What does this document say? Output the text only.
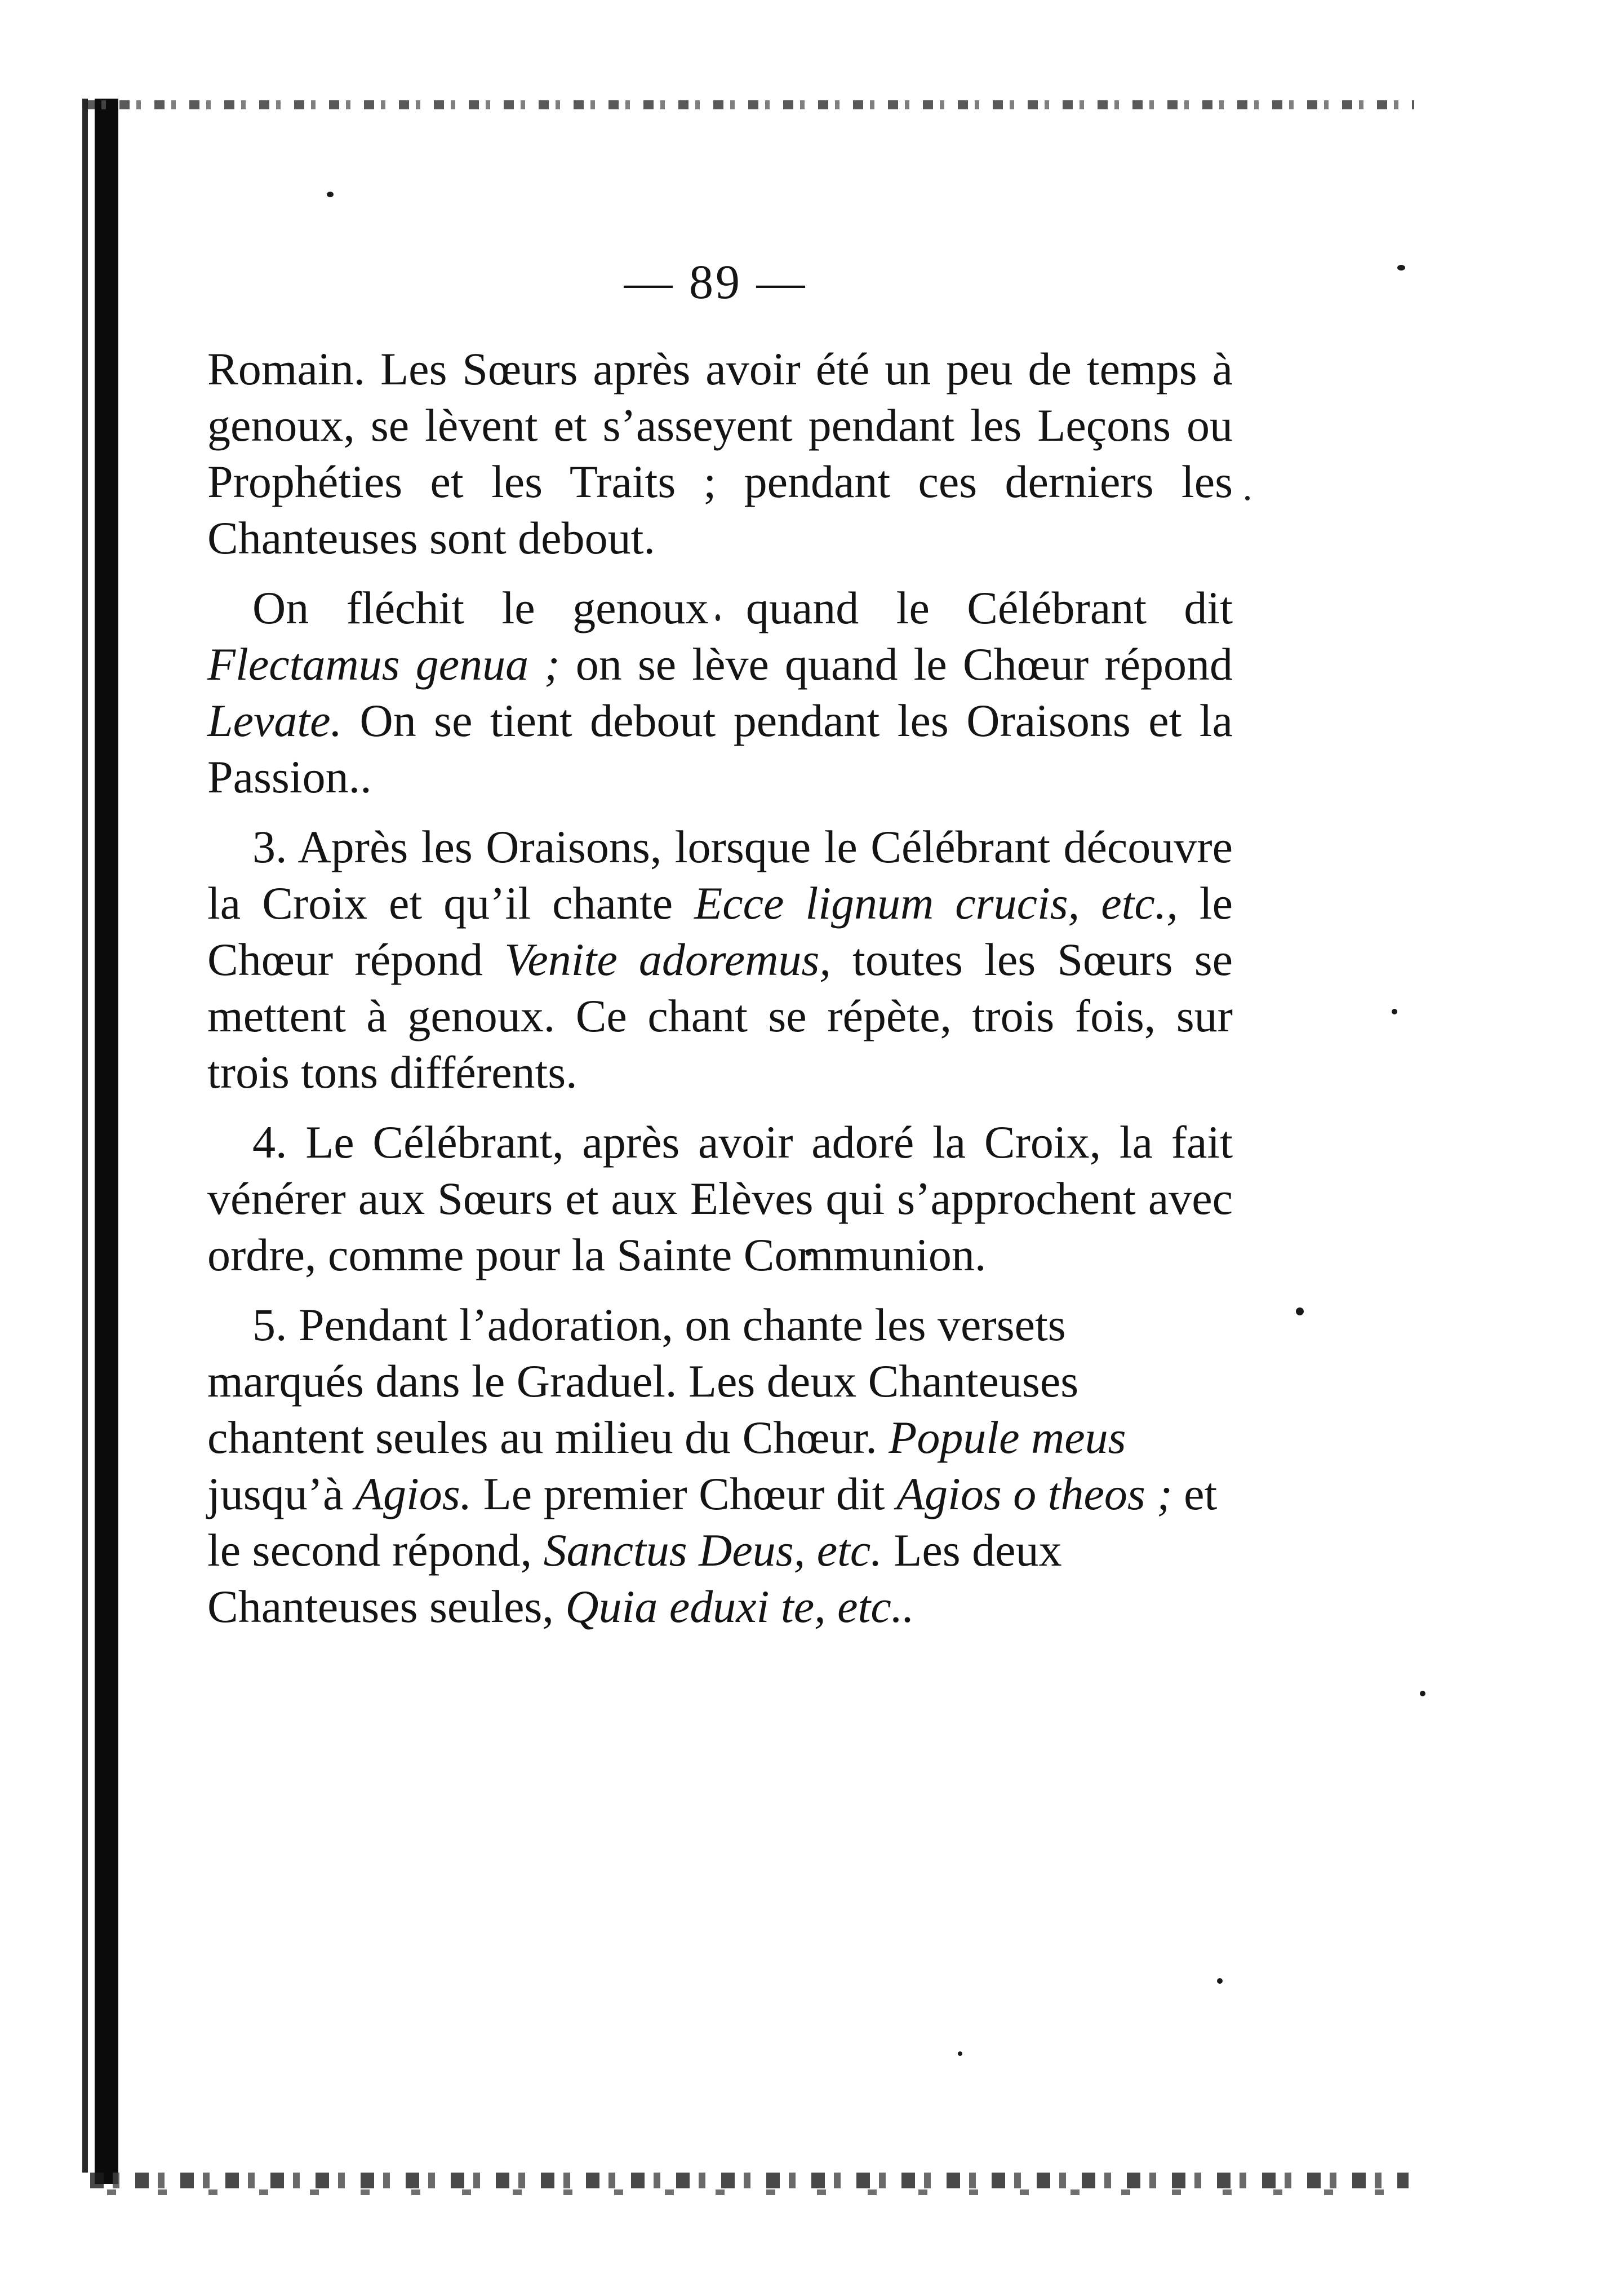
— 89 —

Romain. Les Sœurs après avoir été un peu de temps à genoux, se lèvent et s’asseyent pendant les Leçons ou Prophéties et les Traits ; pendant ces derniers les Chanteuses sont debout.

On fléchit le genoux quand le Célébrant dit Flectamus genua ; on se lève quand le Chœur répond Levate. On se tient debout pendant les Oraisons et la Passion..

3. Après les Oraisons, lorsque le Célébrant découvre la Croix et qu’il chante Ecce lignum crucis, etc., le Chœur répond Venite adoremus, toutes les Sœurs se mettent à genoux. Ce chant se répète, trois fois, sur trois tons différents.

4. Le Célébrant, après avoir adoré la Croix, la fait vénérer aux Sœurs et aux Elèves qui s’approchent avec ordre, comme pour la Sainte Communion.

5. Pendant l’adoration, on chante les versets marqués dans le Graduel. Les deux Chanteuses chantent seules au milieu du Chœur. Popule meus jusqu’à Agios. Le premier Chœur dit Agios o theos ; et le second répond, Sanctus Deus, etc. Les deux Chanteuses seules, Quia eduxi te, etc..
